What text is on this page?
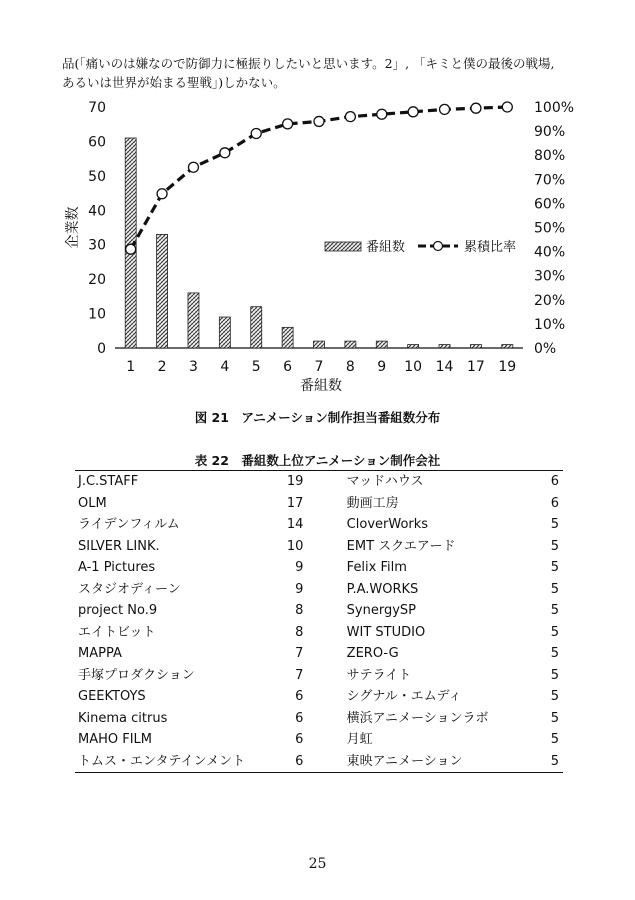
品(「痛いのは嫌なので防御力に極振りしたいと思います。2」, 「キミと僕の最後の戦場,
あるいは世界が始まる聖戦」)しかない。
0
10
20
30
40
50
60
70
0%
10%
20%
30%
40%
50%
60%
70%
80%
90%
100%
1 2 3 4 5 6 7 8 9 10 14 17 19
番組数
企業数	番組数	累積比率
図 21　アニメーション制作担当番組数分布
表 22　番組数上位アニメーション制作会社
J.C.STAFF	19		マッドハウス	6
OLM	17		動画工房	6
ライデンフィルム	14		CloverWorks	5
SILVER LINK.	10		EMT スクエアード	5
A-1 Pictures	9		Felix Film	5
スタジオディーン	9		P.A.WORKS	5
project No.9	8		SynergySP	5
エイトビット	8		WIT STUDIO	5
MAPPA	7		ZERO-G	5
手塚プロダクション	7		サテライト	5
GEEKTOYS	6		シグナル・エムディ	5
Kinema citrus	6		横浜アニメーションラボ	5
MAHO FILM	6		月虹	5
トムス・エンタテインメント	6		東映アニメーション	5
25
